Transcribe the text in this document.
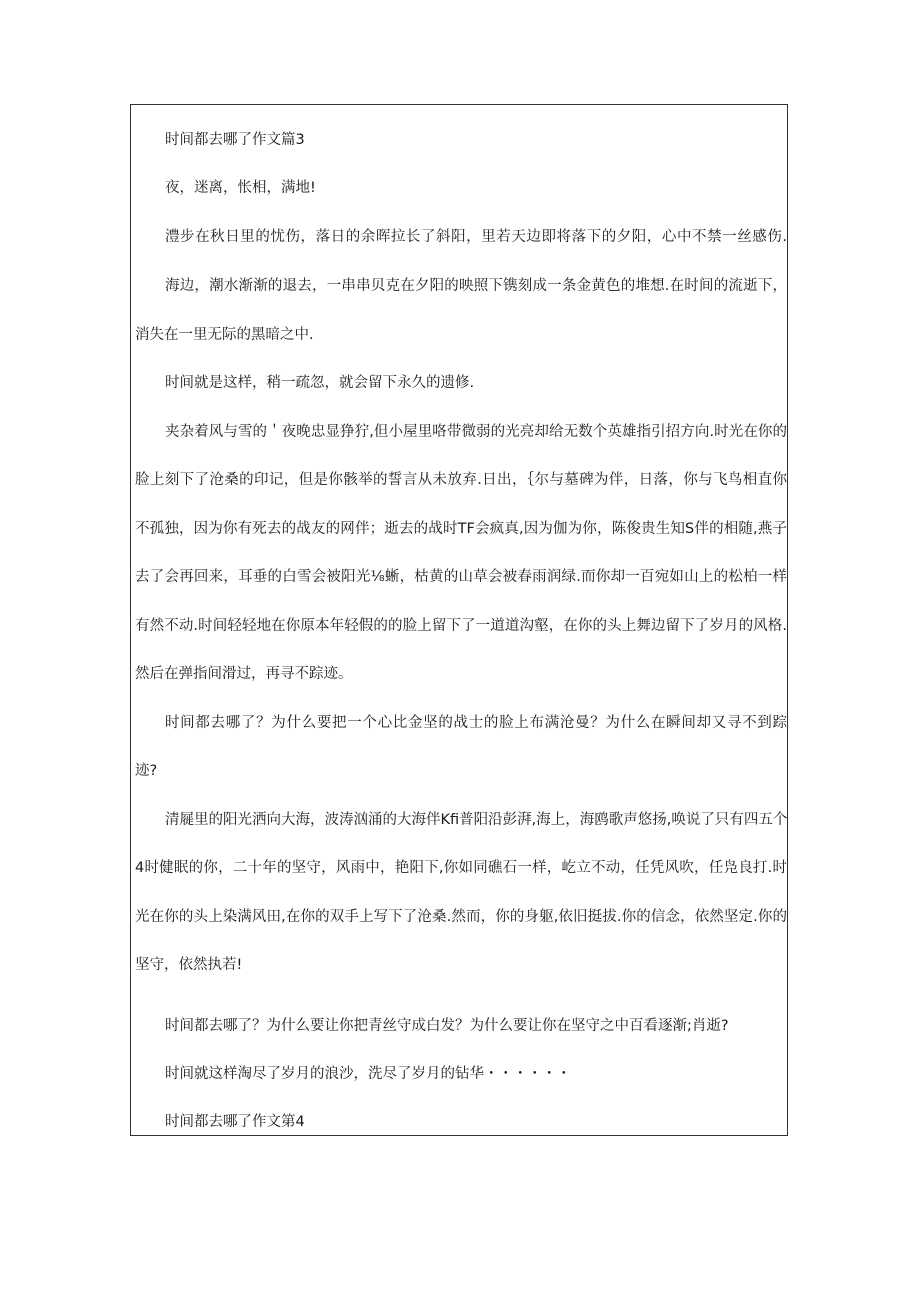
时间都去哪了作文篇3
夜，迷离，怅相，满地!
澧步在秋日里的忧伤，落日的余晖拉长了斜阳，里若天边即将落下的夕阳，心中不禁一丝感伤.
海边，潮水渐渐的退去，一串串贝克在夕阳的映照下镌刻成一条金黄色的堆想.在时间的流逝下，
消失在一里无际的黑暗之中.
时间就是这样，稍一疏忽，就会留下永久的遗修.
夹杂着风与雪的＇夜晚忠显狰狞,但小屋里咯带微弱的光亮却给无数个英雄指引招方向.时光在你的
脸上刻下了沧桑的印记，但是你骸举的誓言从未放弃.日出，｛尔与墓碑为伴，日落，你与飞鸟相直你
不孤独，因为你有死去的战友的网伴；逝去的战时TF会疯真,因为伽为你，陈俊贵生知S伴的相随,燕子
去了会再回来，耳垂的白雪会被阳光⅛蜥，枯黄的山草会被春雨润绿.而你却一百宛如山上的松柏一样
有然不动.时间轻轻地在你原本年轻假的的脸上留下了一道道沟壑，在你的头上舞边留下了岁月的风格.
然后在弹指间滑过，再寻不踪迹。
时间都去哪了？为什么要把一个心比金坚的战士的脸上布满沧曼？为什么在瞬间却又寻不到踪
迹?
清屣里的阳光洒向大海，波涛汹涌的大海伴Kfi普阳沿彭湃,海上，海鸥歌声悠扬,唤说了只有四五个
4时健眠的你，二十年的坚守，风雨中，艳阳下,你如同礁石一样，屹立不动，任凭风吹，任凫良打.时
光在你的头上染满风田,在你的双手上写下了沧桑.然而，你的身躯,依旧挺拔.你的信念，依然坚定.你的
坚守，依然执若!
时间都去哪了？为什么要让你把青丝守成白发？为什么要让你在坚守之中百看逐渐;肖逝?
时间就这样淘尽了岁月的浪沙，洗尽了岁月的钻华・・・・・・
时间都去哪了作文第4
